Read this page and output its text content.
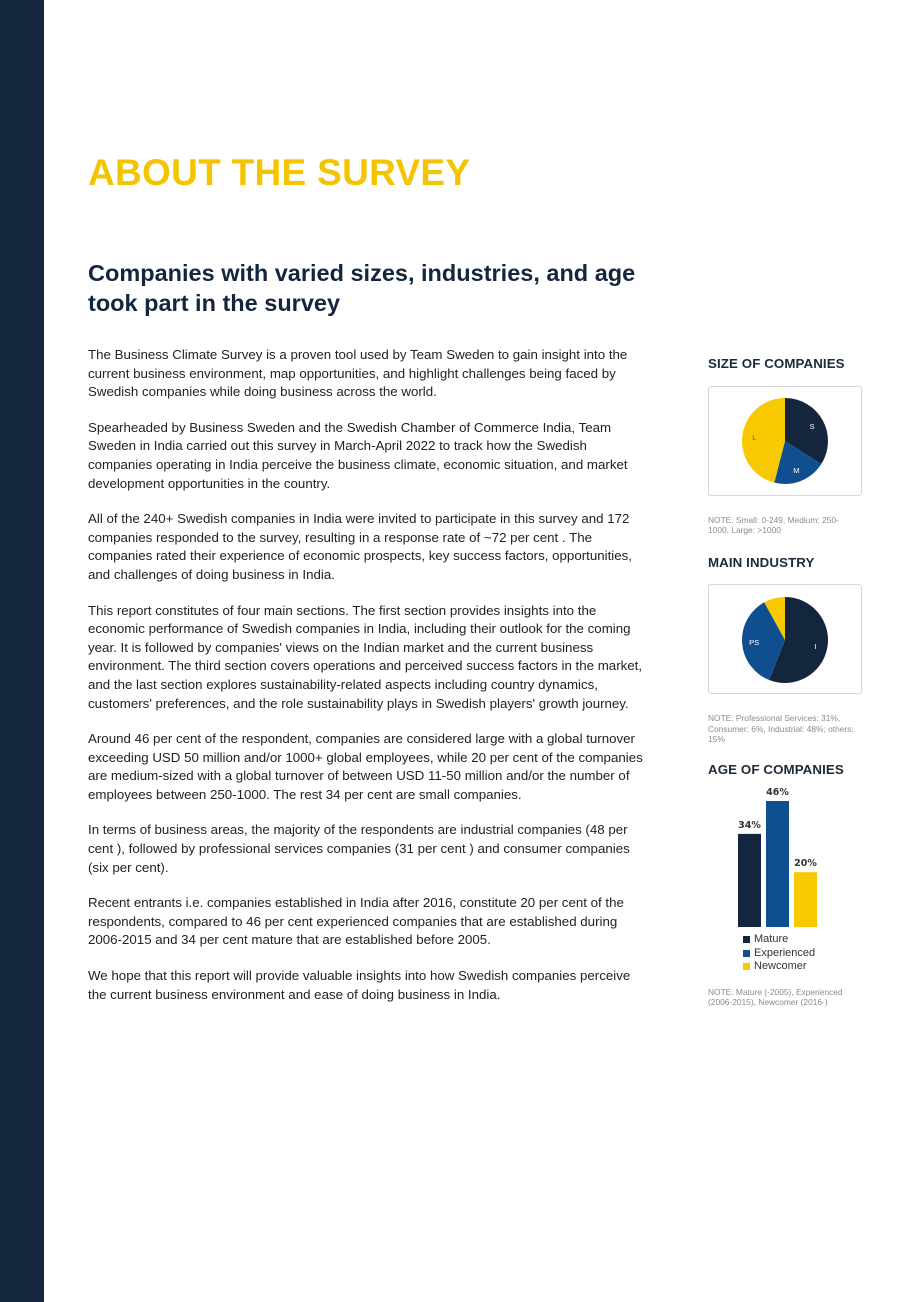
ABOUT THE SURVEY
Companies with varied sizes, industries, and age took part in the survey

The Business Climate Survey is a proven tool used by Team Sweden to gain insight into the current business environment, map opportunities, and highlight challenges being faced by Swedish companies while doing business across the world.

Spearheaded by Business Sweden and the Swedish Chamber of Commerce India, Team Sweden in India carried out this survey in March-April 2022 to track how the Swedish companies operating in India perceive the business climate, economic situation, and market development opportunities in the country.

All of the 240+ Swedish companies in India were invited to participate in this survey and 172 companies responded to the survey, resulting in a response rate of ~72 per cent . The companies rated their experience of economic prospects, key success factors, opportunities, and challenges of doing business in India.

This report constitutes of four main sections. The first section provides insights into the economic performance of Swedish companies in India, including their outlook for the coming year. It is followed by companies' views on the Indian market and the current business environment. The third section covers operations and perceived success factors in the market, and the last section explores sustainability-related aspects including country dynamics, customers' preferences, and the role sustainability plays in Swedish players' growth journey.

Around 46 per cent of the respondent, companies are considered large with a global turnover exceeding USD 50 million and/or 1000+ global employees, while 20 per cent of the companies are medium-sized with a global turnover of between USD 11-50 million and/or the number of employees between 250-1000. The rest 34 per cent are small companies.

In terms of business areas, the majority of the respondents are industrial companies (48 per cent ), followed by professional services companies (31 per cent ) and consumer companies (six per cent).

Recent entrants i.e. companies established in India after 2016, constitute 20 per cent of the respondents, compared to 46 per cent experienced companies that are established during 2006-2015 and 34 per cent mature that are established before 2005.

We hope that this report will provide valuable insights into how Swedish companies perceive the current business environment and ease of doing business in India.

SIZE OF COMPANIES

S
M
L

NOTE: Small: 0-249, Medium: 250-1000, Large: >1000

MAIN INDUSTRY

I
PS

NOTE: Professional Services: 31%, Consumer: 6%, Industrial: 48%; others: 15%

AGE OF COMPANIES

34%
46%
20%
Mature
Experienced
Newcomer

NOTE: Mature (-2005), Experienced (2006-2015), Newcomer (2016-)
